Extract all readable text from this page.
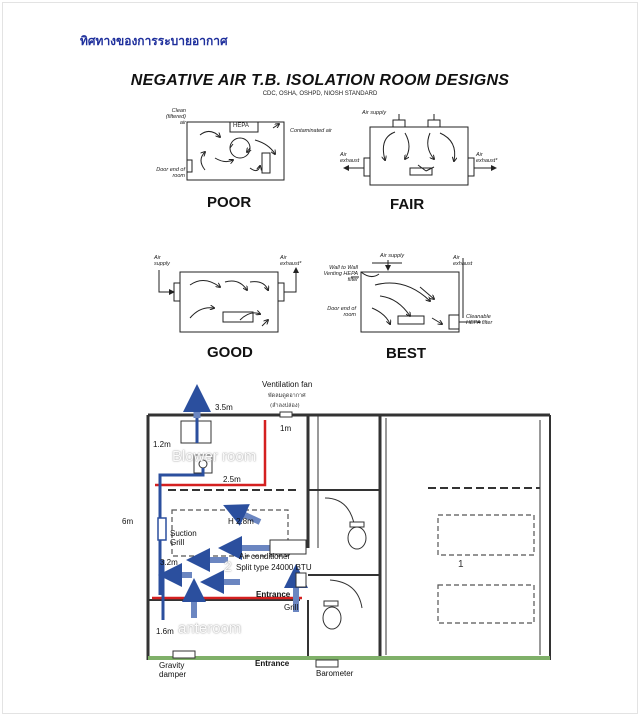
ทิศทางของการระบายอากาศ
NEGATIVE AIR T.B. ISOLATION ROOM DESIGNS
CDC, OSHA, OSHPD, NIOSH STANDARD
Clean (filtered) air	HEPA
Contaminated air
Door end of room
POOR
Air supply
Air exhaust
Air exhaust*
FAIR
Air supply
Air exhaust*
GOOD
Air supply	Air exhaust
Wall to Wall Venting HEPA filter
Door end of room	Cleanable HEPA filter
BEST
Ventilation fan
พัดลมดูดอากาศ
(ลำลงปล่อง)
3.5m
1m
1.2m
Blower room
2.5m
6m	H 2.8m
Suction Grill
Air conditioner
Split type 24000 BTU
3.2m	2	1
Entrance
Grill
1.6m anteroom
Entrance
Gravity damper	Barometer
